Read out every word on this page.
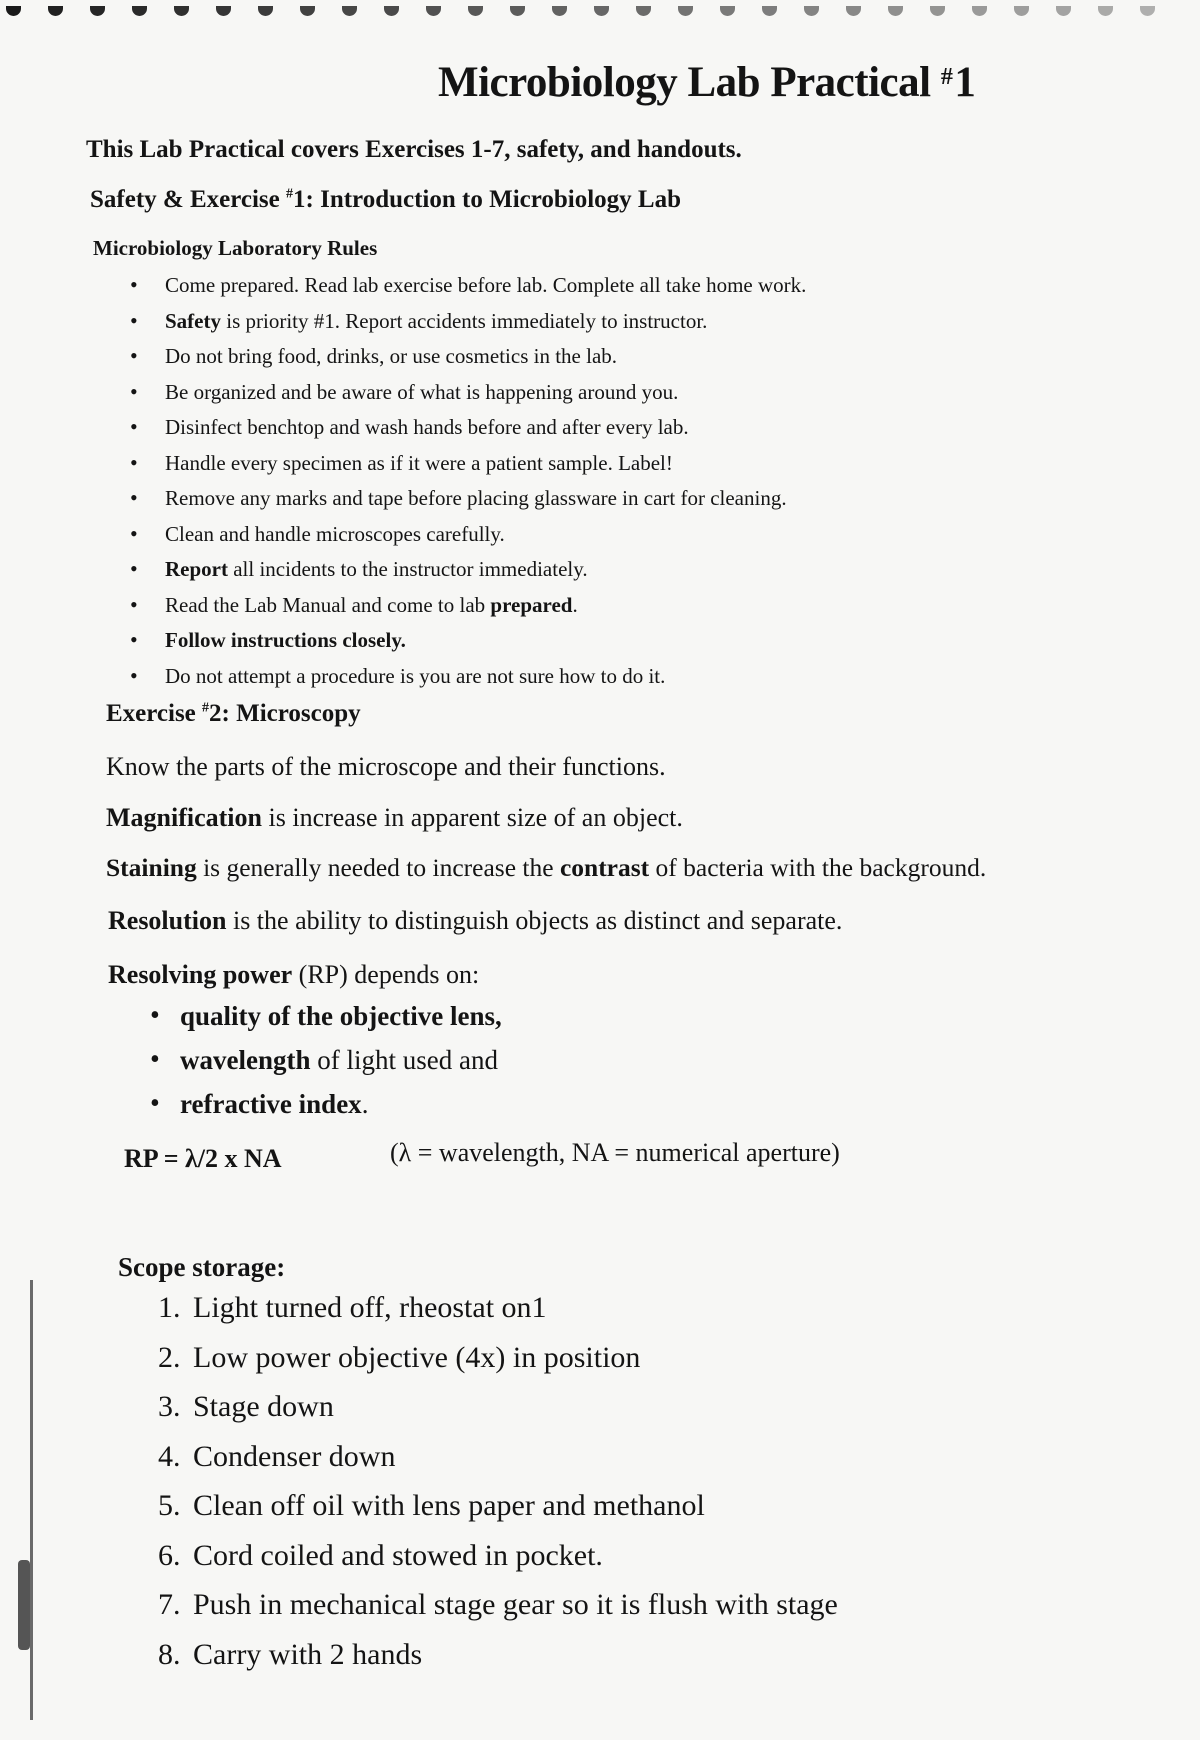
Microbiology Lab Practical #1
This Lab Practical covers Exercises 1-7, safety, and handouts.
Safety & Exercise #1: Introduction to Microbiology Lab
Microbiology Laboratory Rules
• Come prepared. Read lab exercise before lab. Complete all take home work.
• Safety is priority #1. Report accidents immediately to instructor.
• Do not bring food, drinks, or use cosmetics in the lab.
• Be organized and be aware of what is happening around you.
• Disinfect benchtop and wash hands before and after every lab.
• Handle every specimen as if it were a patient sample. Label!
• Remove any marks and tape before placing glassware in cart for cleaning.
• Clean and handle microscopes carefully.
• Report all incidents to the instructor immediately.
• Read the Lab Manual and come to lab prepared.
• Follow instructions closely.
• Do not attempt a procedure is you are not sure how to do it.
Exercise #2: Microscopy
Know the parts of the microscope and their functions.
Magnification is increase in apparent size of an object.
Staining is generally needed to increase the contrast of bacteria with the background.
Resolution is the ability to distinguish objects as distinct and separate.
Resolving power (RP) depends on:
• quality of the objective lens,
• wavelength of light used and
• refractive index.
RP = λ/2 x NA	(λ = wavelength, NA = numerical aperture)
Scope storage:
1. Light turned off, rheostat on1
2. Low power objective (4x) in position
3. Stage down
4. Condenser down
5. Clean off oil with lens paper and methanol
6. Cord coiled and stowed in pocket.
7. Push in mechanical stage gear so it is flush with stage
8. Carry with 2 hands
